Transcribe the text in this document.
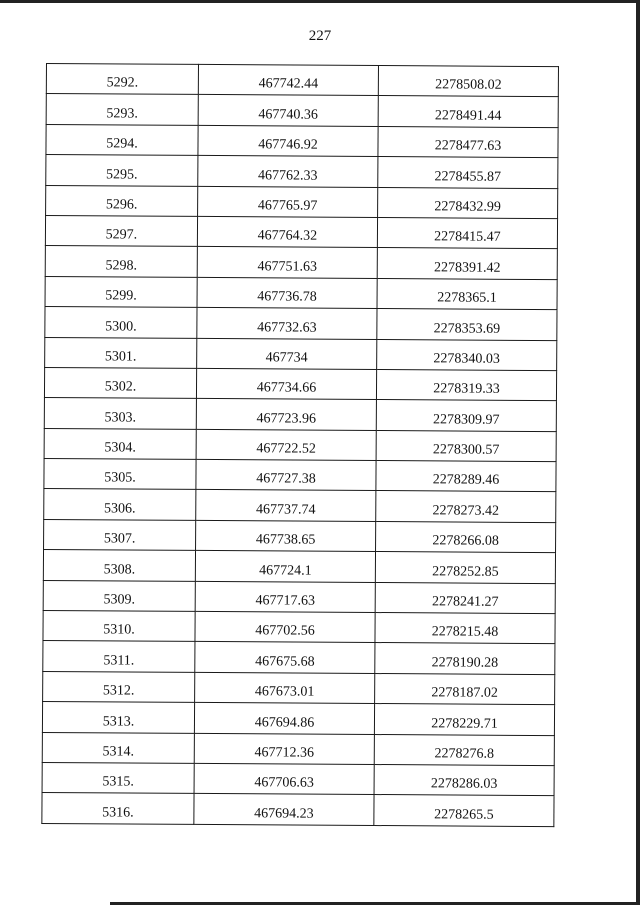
227
5292.	467742.44	2278508.02
5293.	467740.36	2278491.44
5294.	467746.92	2278477.63
5295.	467762.33	2278455.87
5296.	467765.97	2278432.99
5297.	467764.32	2278415.47
5298.	467751.63	2278391.42
5299.	467736.78	2278365.1
5300.	467732.63	2278353.69
5301.	467734	2278340.03
5302.	467734.66	2278319.33
5303.	467723.96	2278309.97
5304.	467722.52	2278300.57
5305.	467727.38	2278289.46
5306.	467737.74	2278273.42
5307.	467738.65	2278266.08
5308.	467724.1	2278252.85
5309.	467717.63	2278241.27
5310.	467702.56	2278215.48
5311.	467675.68	2278190.28
5312.	467673.01	2278187.02
5313.	467694.86	2278229.71
5314.	467712.36	2278276.8
5315.	467706.63	2278286.03
5316.	467694.23	2278265.5
